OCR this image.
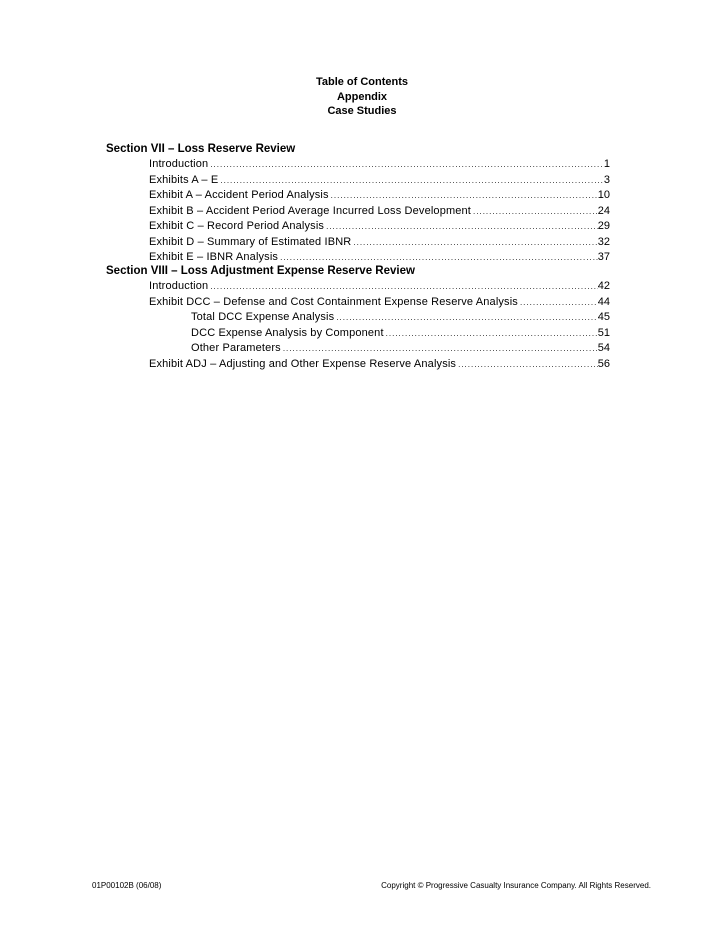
Table of Contents
Appendix
Case Studies
Section VII – Loss Reserve Review
Introduction .....	1
Exhibits A – E .....	3
Exhibit A – Accident Period Analysis .....	10
Exhibit B – Accident Period Average Incurred Loss Development .....	24
Exhibit C – Record Period Analysis .....	29
Exhibit D – Summary of Estimated IBNR .....	32
Exhibit E – IBNR Analysis .....	37
Section VIII – Loss Adjustment Expense Reserve Review
Introduction .....	42
Exhibit DCC – Defense and Cost Containment Expense Reserve Analysis .....	44
Total DCC Expense Analysis .....	45
DCC Expense Analysis by Component .....	51
Other Parameters .....	54
Exhibit ADJ – Adjusting and Other Expense Reserve Analysis .....	56
01P00102B (06/08)	Copyright © Progressive Casualty Insurance Company. All Rights Reserved.
